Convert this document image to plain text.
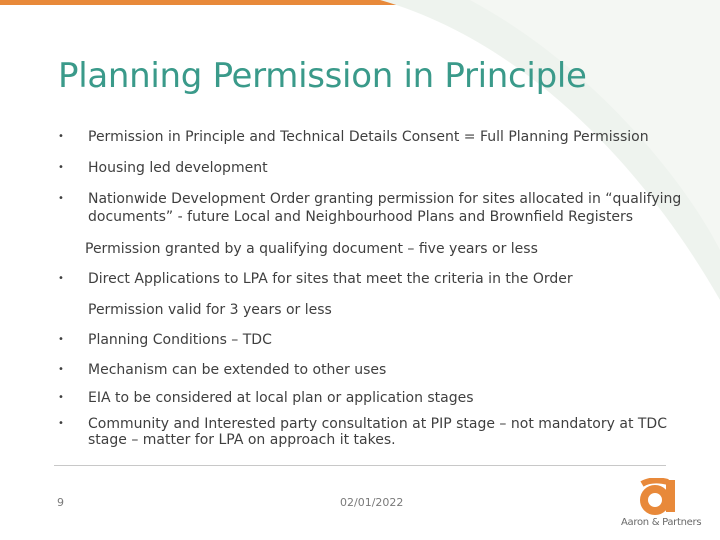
Planning Permission in Principle
•	Permission in Principle and Technical Details Consent = Full Planning Permission
•	Housing led development
•	Nationwide Development Order granting permission for sites allocated in “qualifying documents” - future Local and Neighbourhood Plans and Brownfield Registers
Permission granted by a qualifying document – five years or less
•	Direct Applications to LPA for sites that meet the criteria in the Order
Permission valid for 3 years or less
•	Planning Conditions – TDC
•	Mechanism can be extended to other uses
•	EIA to be considered at local plan or application stages
•	Community and Interested party consultation at PIP stage – not mandatory at TDC stage – matter for LPA on approach it takes.
9	02/01/2022
Aaron & Partners
